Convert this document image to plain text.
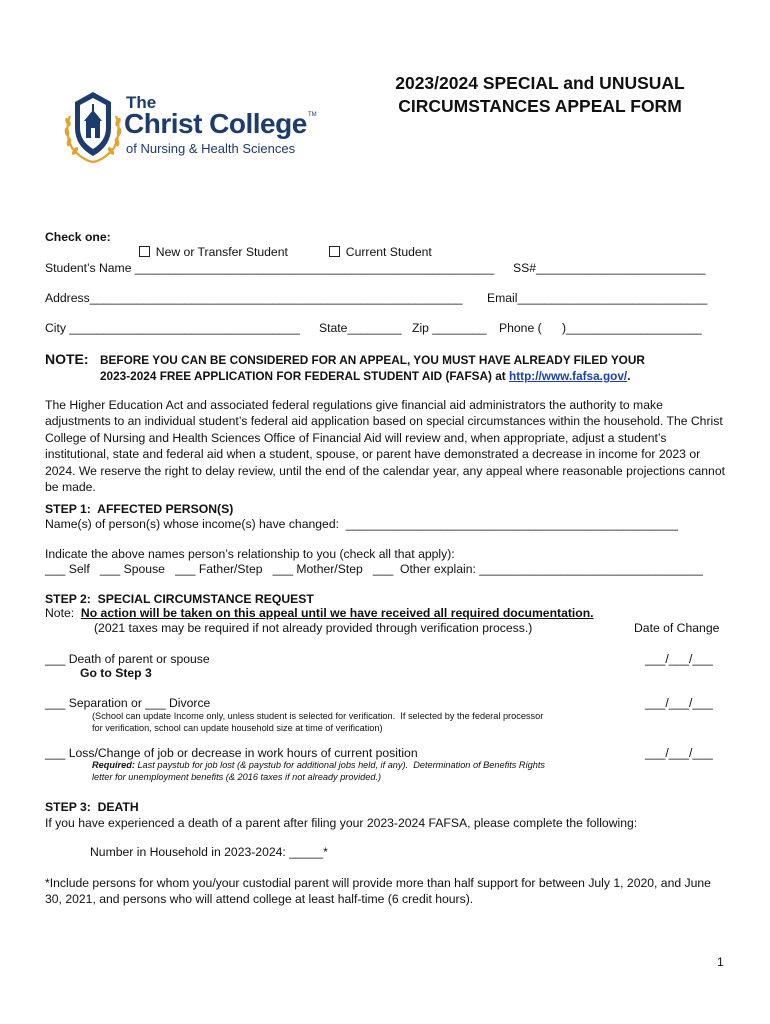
The
Christ College TM
of Nursing & Health Sciences
2023/2024 SPECIAL and UNUSUAL
CIRCUMSTANCES APPEAL FORM
Check one:

New or Transfer Student	Current Student

Student’s Name _____________________________________________________ SS#_________________________
Address_______________________________________________________ Email____________________________
City __________________________________ State________ Zip ________ Phone (      )____________________
NOTE: BEFORE YOU CAN BE CONSIDERED FOR AN APPEAL, YOU MUST HAVE ALREADY FILED YOUR
2023-2024 FREE APPLICATION FOR FEDERAL STUDENT AID (FAFSA) at http://www.fafsa.gov/.
The Higher Education Act and associated federal regulations give financial aid administrators the authority to make adjustments to an individual student’s federal aid application based on special circumstances within the household. The Christ College of Nursing and Health Sciences Office of Financial Aid will review and, when appropriate, adjust a student’s institutional, state and federal aid when a student, spouse, or parent have demonstrated a decrease in income for 2023 or 2024. We reserve the right to delay review, until the end of the calendar year, any appeal where reasonable projections cannot be made.
STEP 1:  AFFECTED PERSON(S)
Name(s) of person(s) whose income(s) have changed:  _________________________________________________
Indicate the above names person’s relationship to you (check all that apply):
___ Self   ___ Spouse   ___ Father/Step   ___ Mother/Step   ___  Other explain: _________________________________
STEP 2:  SPECIAL CIRCUMSTANCE REQUEST
Note:  No action will be taken on this appeal until we have received all required documentation.
(2021 taxes may be required if not already provided through verification process.)	Date of Change
___ Death of parent or spouse
Go to Step 3
___/___/___
___ Separation or ___ Divorce
(School can update Income only, unless student is selected for verification.  If selected by the federal processor
for verification, school can update household size at time of verification)
___/___/___
___ Loss/Change of job or decrease in work hours of current position
Required: Last paystub for job lost (& paystub for additional jobs held, if any).  Determination of Benefits Rights
letter for unemployment benefits (& 2016 taxes if not already provided.)
___/___/___
STEP 3:  DEATH
If you have experienced a death of a parent after filing your 2023-2024 FAFSA, please complete the following:
Number in Household in 2023-2024: _____*
*Include persons for whom you/your custodial parent will provide more than half support for between July 1, 2020, and June 30, 2021, and persons who will attend college at least half-time (6 credit hours).
1
